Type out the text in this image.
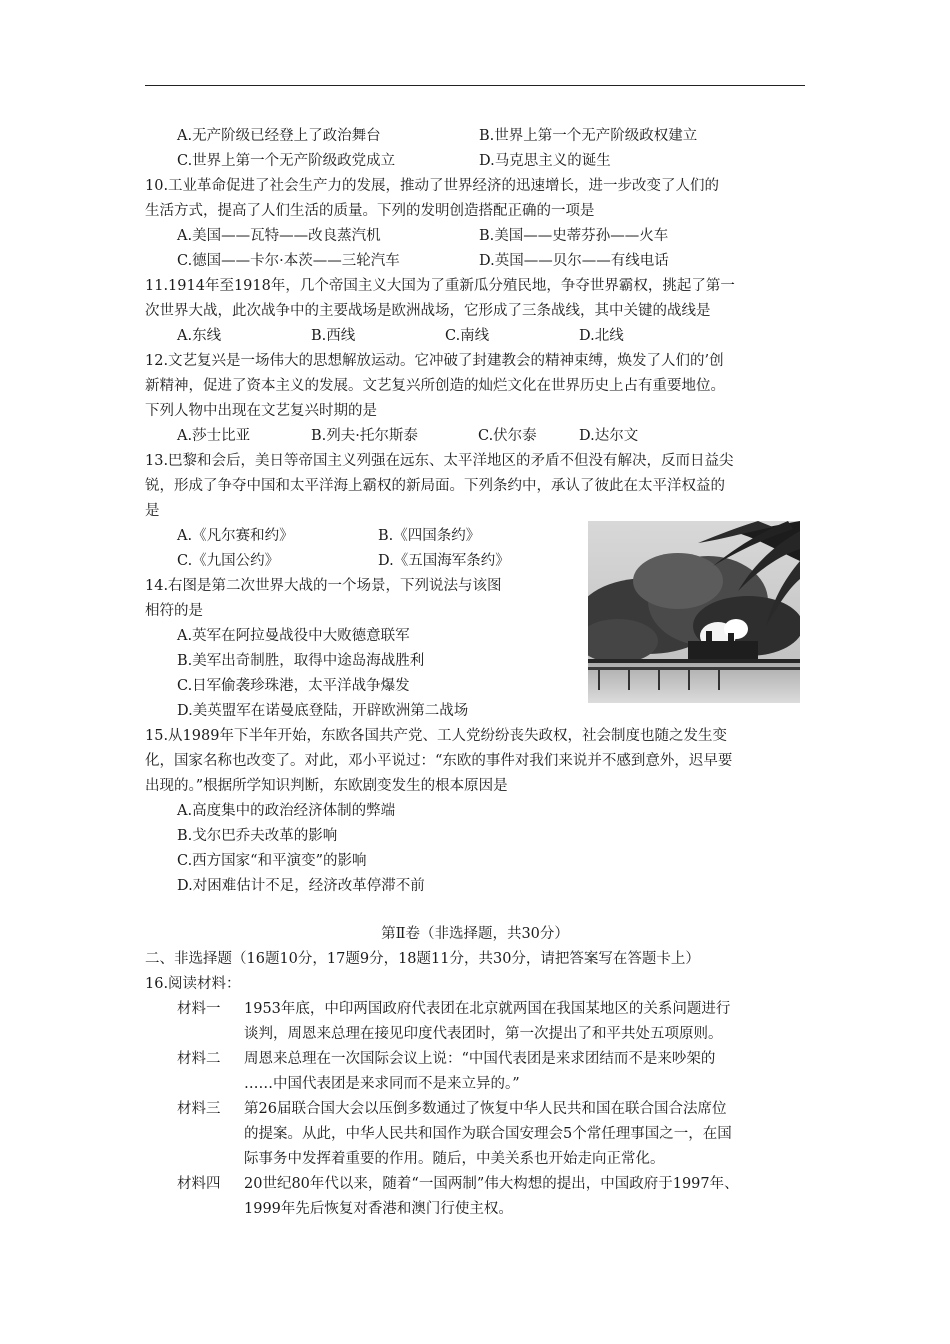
A.无产阶级已经登上了政治舞台	B.世界上第一个无产阶级政权建立
C.世界上第一个无产阶级政党成立	D.马克思主义的诞生
10.工业革命促进了社会生产力的发展，推动了世界经济的迅速增长，进一步改变了人们的
生活方式，提高了人们生活的质量。下列的发明创造搭配正确的一项是
A.美国——瓦特——改良蒸汽机	B.美国——史蒂芬孙——火车
C.德国——卡尔·本茨——三轮汽车	D.英国——贝尔——有线电话
11.1914年至1918年，几个帝国主义大国为了重新瓜分殖民地，争夺世界霸权，挑起了第一
次世界大战，此次战争中的主要战场是欧洲战场，它形成了三条战线，其中关键的战线是
A.东线	B.西线	C.南线	D.北线
12.文艺复兴是一场伟大的思想解放运动。它冲破了封建教会的精神束缚，焕发了人们的’创
新精神，促进了资本主义的发展。文艺复兴所创造的灿烂文化在世界历史上占有重要地位。
下列人物中出现在文艺复兴时期的是
A.莎士比亚	B.列夫·托尔斯泰	C.伏尔泰	D.达尔文
13.巴黎和会后，美日等帝国主义列强在远东、太平洋地区的矛盾不但没有解决，反而日益尖
锐，形成了争夺中国和太平洋海上霸权的新局面。下列条约中，承认了彼此在太平洋权益的
是
A.《凡尔赛和约》	B.《四国条约》
C.《九国公约》	D.《五国海军条约》
14.右图是第二次世界大战的一个场景，下列说法与该图
相符的是
A.英军在阿拉曼战役中大败德意联军
B.美军出奇制胜，取得中途岛海战胜利
C.日军偷袭珍珠港，太平洋战争爆发
D.美英盟军在诺曼底登陆，开辟欧洲第二战场
15.从1989年下半年开始，东欧各国共产党、工人党纷纷丧失政权，社会制度也随之发生变
化，国家名称也改变了。对此，邓小平说过：“东欧的事件对我们来说并不感到意外，迟早要
出现的。”根据所学知识判断，东欧剧变发生的根本原因是
A.高度集中的政治经济体制的弊端
B.戈尔巴乔夫改革的影响
C.西方国家“和平演变”的影响
D.对困难估计不足，经济改革停滞不前
第Ⅱ卷（非选择题，共30分）
二、非选择题（16题10分，17题9分，18题11分，共30分，请把答案写在答题卡上）
16.阅读材料：
材料一 1953年底，中印两国政府代表团在北京就两国在我国某地区的关系问题进行
谈判，周恩来总理在接见印度代表团时，第一次提出了和平共处五项原则。
材料二 周恩来总理在一次国际会议上说：“中国代表团是来求团结而不是来吵架的
……中国代表团是来求同而不是来立异的。”
材料三 第26届联合国大会以压倒多数通过了恢复中华人民共和国在联合国合法席位
的提案。从此，中华人民共和国作为联合国安理会5个常任理事国之一，在国
际事务中发挥着重要的作用。随后，中美关系也开始走向正常化。
材料四 20世纪80年代以来，随着“一国两制”伟大构想的提出，中国政府于1997年、
1999年先后恢复对香港和澳门行使主权。
